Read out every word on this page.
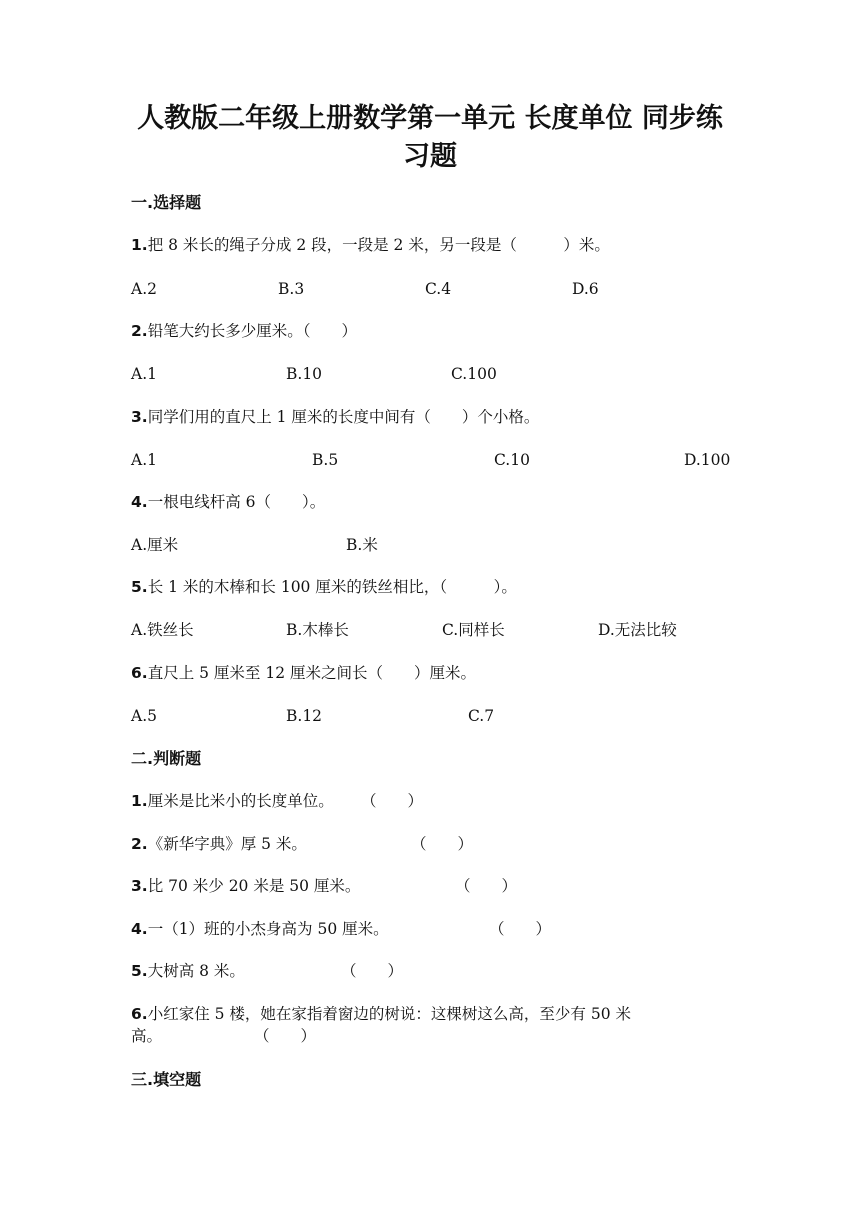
人教版二年级上册数学第一单元 长度单位 同步练
习题
一.选择题
1.把 8 米长的绳子分成 2 段，一段是 2 米，另一段是（　　　）米。
A.2	B.3	C.4	D.6
2.铅笔大约长多少厘米。（　　）
A.1	B.10	C.100
3.同学们用的直尺上 1 厘米的长度中间有（　　）个小格。
A.1	B.5	C.10	D.100
4.一根电线杆高 6（　　）。
A.厘米	B.米
5.长 1 米的木棒和长 100 厘米的铁丝相比，（　　　）。
A.铁丝长	B.木棒长	C.同样长	D.无法比较
6.直尺上 5 厘米至 12 厘米之间长（　　）厘米。
A.5	B.12	C.7
二.判断题
1.厘米是比米小的长度单位。 （　　）
2.《新华字典》厚 5 米。	（　　）
3.比 70 米少 20 米是 50 厘米。	（　　）
4.一（1）班的小杰身高为 50 厘米。	（　　）
5.大树高 8 米。	（　　）
6.小红家住 5 楼，她在家指着窗边的树说：这棵树这么高，至少有 50 米
高。	（　　）
三.填空题
